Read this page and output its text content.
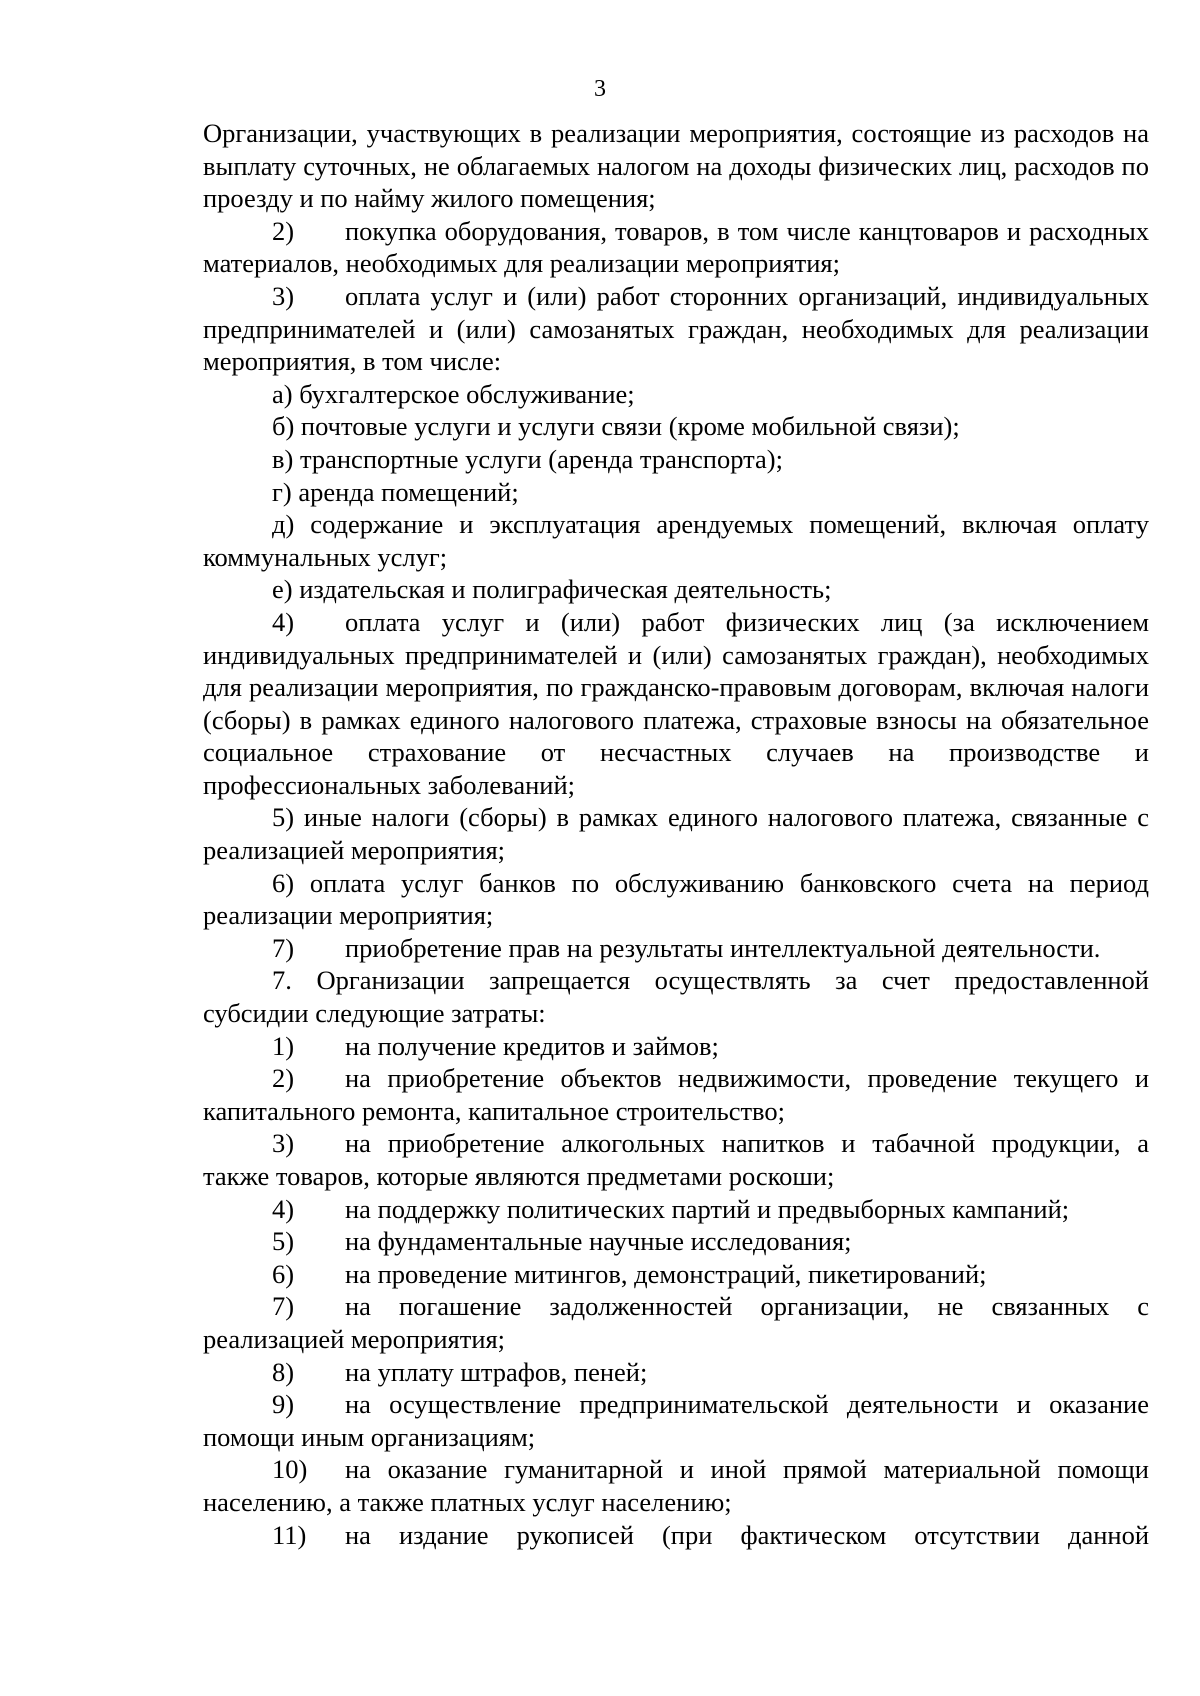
3

Организации, участвующих в реализации мероприятия, состоящие из расходов на выплату суточных, не облагаемых налогом на доходы физических лиц, расходов по проезду и по найму жилого помещения;

2) покупка оборудования, товаров, в том числе канцтоваров и расходных материалов, необходимых для реализации мероприятия;

3) оплата услуг и (или) работ сторонних организаций, индивидуальных предпринимателей и (или) самозанятых граждан, необходимых для реализации мероприятия, в том числе:

а) бухгалтерское обслуживание;

б) почтовые услуги и услуги связи (кроме мобильной связи);

в) транспортные услуги (аренда транспорта);

г) аренда помещений;

д) содержание и эксплуатация арендуемых помещений, включая оплату коммунальных услуг;

е) издательская и полиграфическая деятельность;

4) оплата услуг и (или) работ физических лиц (за исключением индивидуальных предпринимателей и (или) самозанятых граждан), необходимых для реализации мероприятия, по гражданско-правовым договорам, включая налоги (сборы) в рамках единого налогового платежа, страховые взносы на обязательное социальное страхование от несчастных случаев на производстве и профессиональных заболеваний;

5) иные налоги (сборы) в рамках единого налогового платежа, связанные с реализацией мероприятия;

6) оплата услуг банков по обслуживанию банковского счета на период реализации мероприятия;

7) приобретение прав на результаты интеллектуальной деятельности.

7. Организации запрещается осуществлять за счет предоставленной субсидии следующие затраты:

1) на получение кредитов и займов;

2) на приобретение объектов недвижимости, проведение текущего и капитального ремонта, капитальное строительство;

3) на приобретение алкогольных напитков и табачной продукции, а также товаров, которые являются предметами роскоши;

4) на поддержку политических партий и предвыборных кампаний;

5) на фундаментальные научные исследования;

6) на проведение митингов, демонстраций, пикетирований;

7) на погашение задолженностей организации, не связанных с реализацией мероприятия;

8) на уплату штрафов, пеней;

9) на осуществление предпринимательской деятельности и оказание помощи иным организациям;

10) на оказание гуманитарной и иной прямой материальной помощи населению, а также платных услуг населению;

11) на издание рукописей (при фактическом отсутствии данной
